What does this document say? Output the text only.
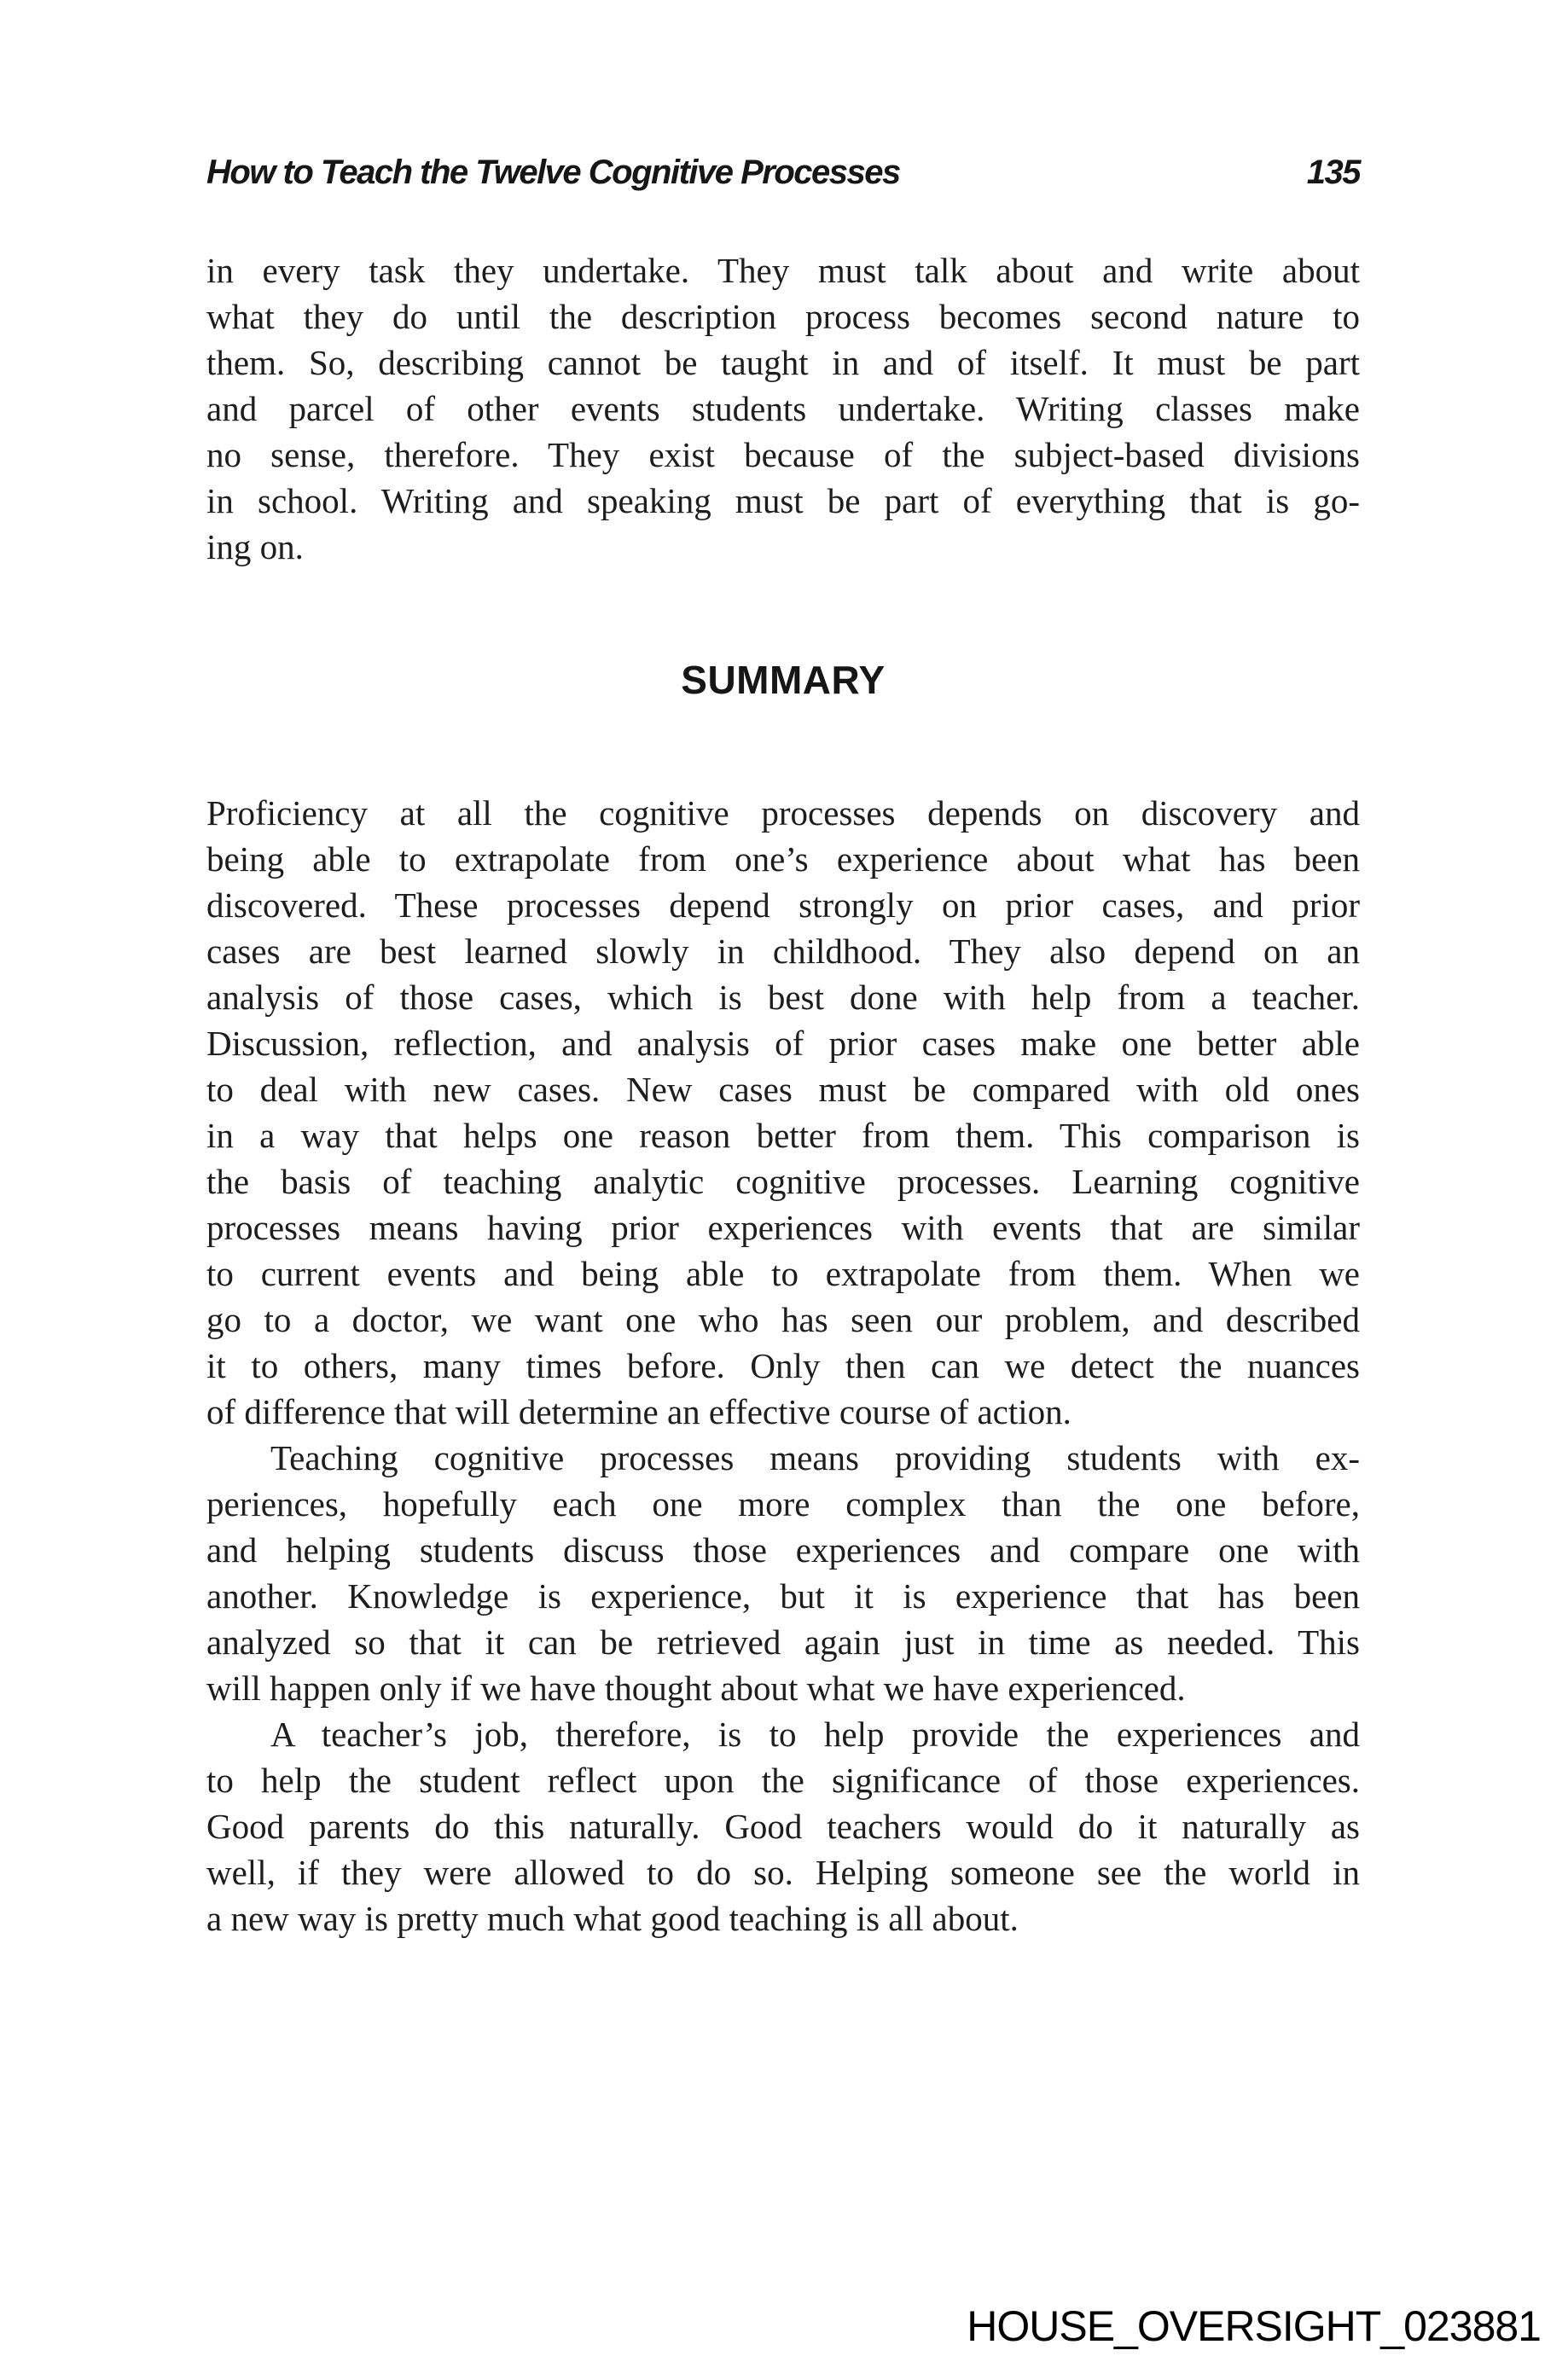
How to Teach the Twelve Cognitive Processes	135
in every task they undertake. They must talk about and write about
what they do until the description process becomes second nature to
them. So, describing cannot be taught in and of itself. It must be part
and parcel of other events students undertake. Writing classes make
no sense, therefore. They exist because of the subject-based divisions
in school. Writing and speaking must be part of everything that is go-
ing on.
SUMMARY
Proficiency at all the cognitive processes depends on discovery and
being able to extrapolate from one’s experience about what has been
discovered. These processes depend strongly on prior cases, and prior
cases are best learned slowly in childhood. They also depend on an
analysis of those cases, which is best done with help from a teacher.
Discussion, reflection, and analysis of prior cases make one better able
to deal with new cases. New cases must be compared with old ones
in a way that helps one reason better from them. This comparison is
the basis of teaching analytic cognitive processes. Learning cognitive
processes means having prior experiences with events that are similar
to current events and being able to extrapolate from them. When we
go to a doctor, we want one who has seen our problem, and described
it to others, many times before. Only then can we detect the nuances
of difference that will determine an effective course of action.
Teaching cognitive processes means providing students with ex-
periences, hopefully each one more complex than the one before,
and helping students discuss those experiences and compare one with
another. Knowledge is experience, but it is experience that has been
analyzed so that it can be retrieved again just in time as needed. This
will happen only if we have thought about what we have experienced.
A teacher’s job, therefore, is to help provide the experiences and
to help the student reflect upon the significance of those experiences.
Good parents do this naturally. Good teachers would do it naturally as
well, if they were allowed to do so. Helping someone see the world in
a new way is pretty much what good teaching is all about.
HOUSE_OVERSIGHT_023881
